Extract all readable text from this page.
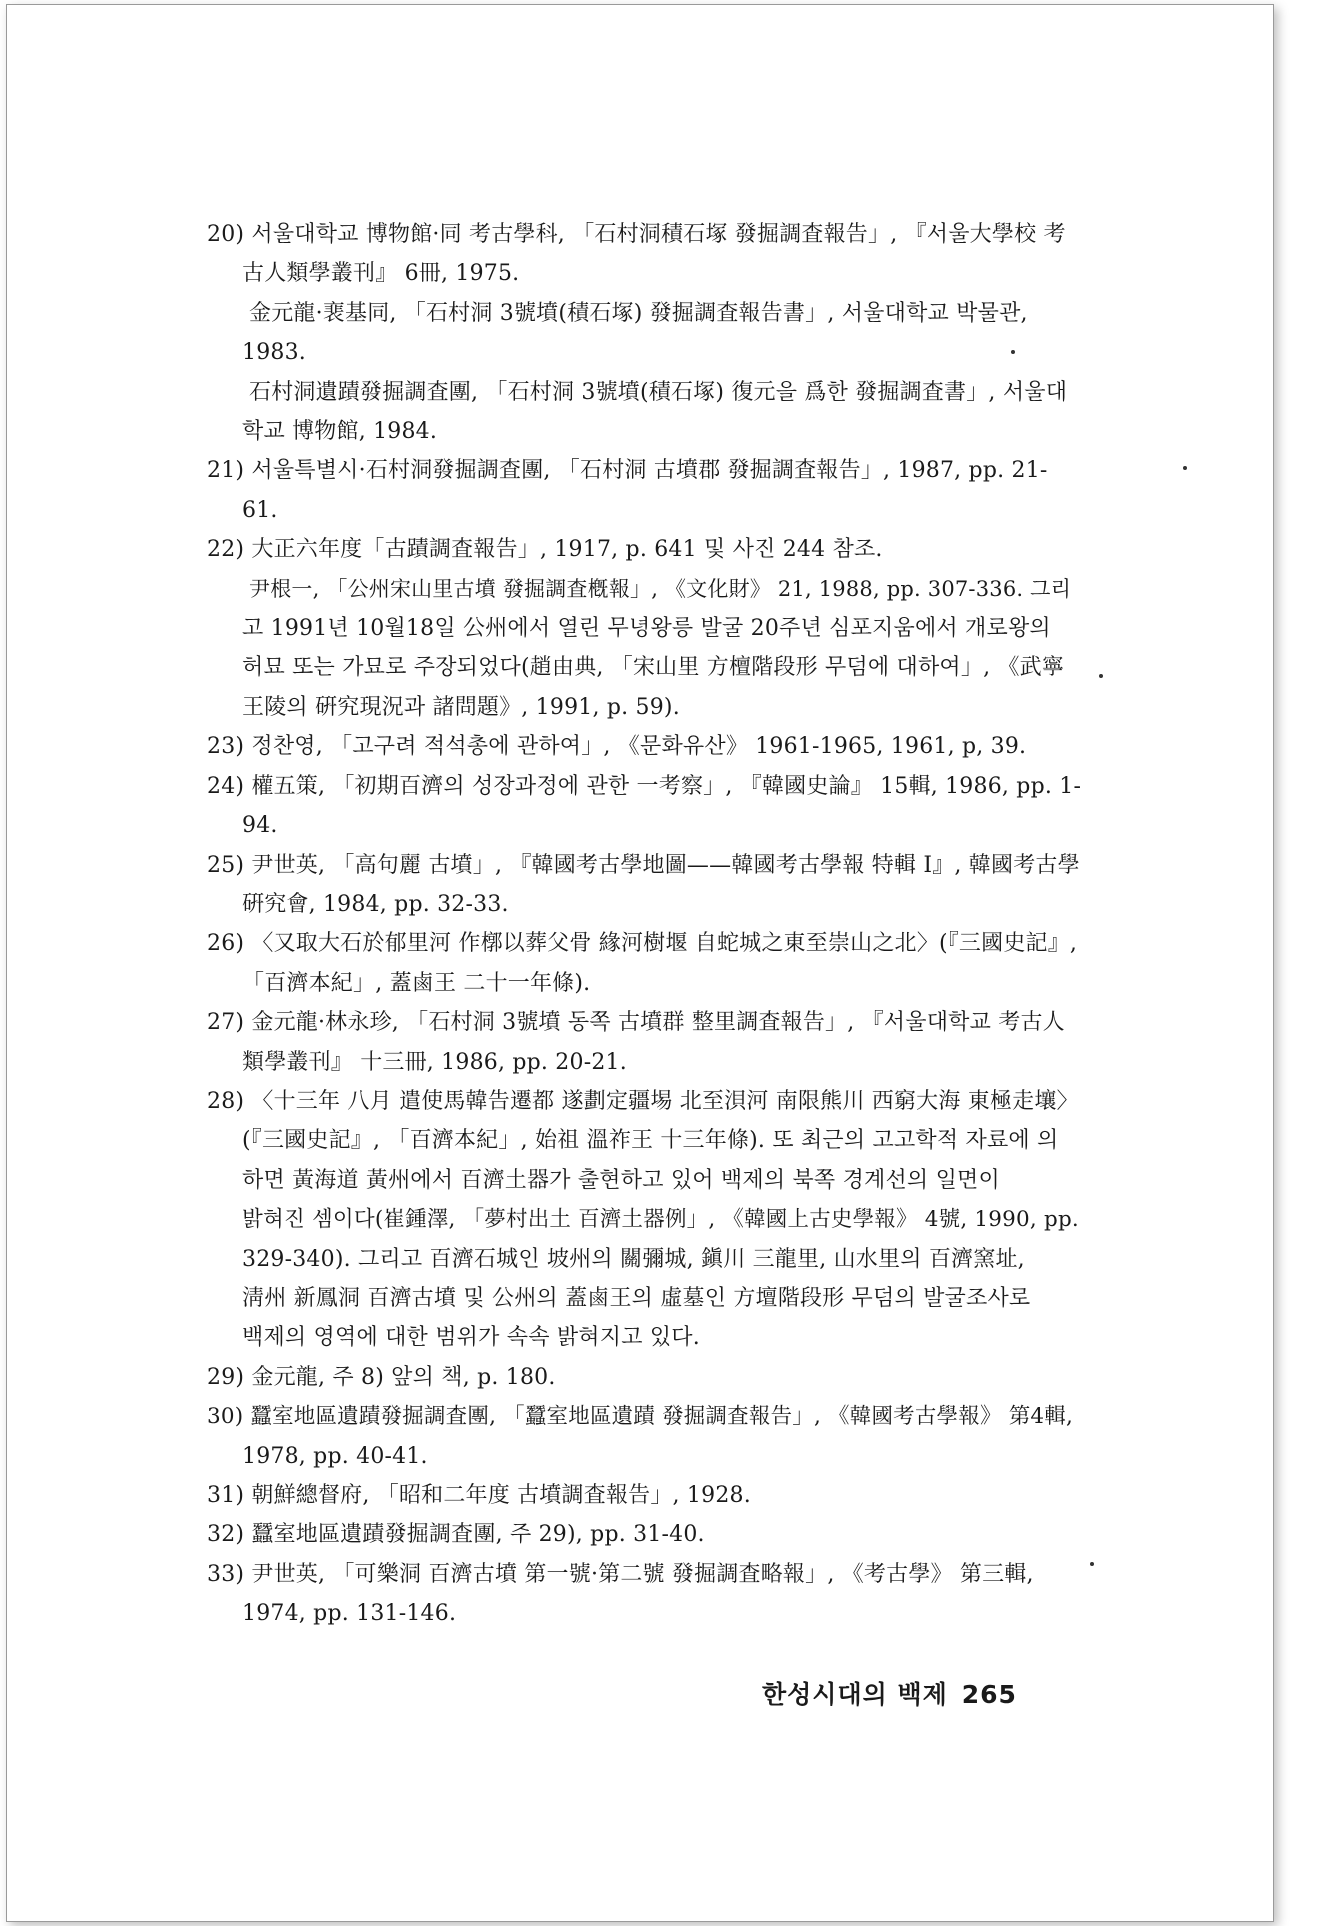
20) 서울대학교 博物館·同 考古學科, 「石村洞積石塚 發掘調査報告」, 『서울大學校 考
古人類學叢刊』 6冊, 1975.
金元龍·裵基同, 「石村洞 3號墳(積石塚) 發掘調査報告書」, 서울대학교 박물관,
1983.
石村洞遺蹟發掘調査團, 「石村洞 3號墳(積石塚) 復元을 爲한 發掘調査書」, 서울대
학교 博物館, 1984.
21) 서울특별시·石村洞發掘調査團, 「石村洞 古墳郡 發掘調査報告」, 1987, pp. 21-
61.
22) 大正六年度「古蹟調査報告」, 1917, p. 641 및 사진 244 참조.
尹根一, 「公州宋山里古墳 發掘調査槪報」, 《文化財》 21, 1988, pp. 307-336. 그리
고 1991년 10월18일 公州에서 열린 무녕왕릉 발굴 20주년 심포지움에서 개로왕의
허묘 또는 가묘로 주장되었다(趙由典, 「宋山里 方檀階段形 무덤에 대하여」, 《武寧
王陵의 硏究現況과 諸問題》, 1991, p. 59).
23) 정찬영, 「고구려 적석총에 관하여」, 《문화유산》 1961-1965, 1961, p, 39.
24) 權五策, 「初期百濟의 성장과정에 관한 一考察」, 『韓國史論』 15輯, 1986, pp. 1-
94.
25) 尹世英, 「高句麗 古墳」, 『韓國考古學地圖——韓國考古學報 特輯 Ⅰ』, 韓國考古學
硏究會, 1984, pp. 32-33.
26) 〈又取大石於郁里河 作槨以葬父骨 緣河樹堰 自蛇城之東至崇山之北〉(『三國史記』,
「百濟本紀」, 蓋鹵王 二十一年條).
27) 金元龍·林永珍, 「石村洞 3號墳 동쪽 古墳群 整里調査報告」, 『서울대학교 考古人
類學叢刊』 十三冊, 1986, pp. 20-21.
28) 〈十三年 八月 遣使馬韓告遷都 遂劃定疆埸 北至浿河 南限熊川 西窮大海 東極走壤〉
(『三國史記』, 「百濟本紀」, 始祖 溫祚王 十三年條). 또 최근의 고고학적 자료에 의
하면 黃海道 黃州에서 百濟土器가 출현하고 있어 백제의 북쪽 경계선의 일면이
밝혀진 셈이다(崔鍾澤, 「夢村出土 百濟土器例」, 《韓國上古史學報》 4號, 1990, pp.
329-340). 그리고 百濟石城인 坡州의 關彌城, 鎭川 三龍里, 山水里의 百濟窯址,
淸州 新鳳洞 百濟古墳 및 公州의 蓋鹵王의 虛墓인 方壇階段形 무덤의 발굴조사로
백제의 영역에 대한 범위가 속속 밝혀지고 있다.
29) 金元龍, 주 8) 앞의 책, p. 180.
30) 蠶室地區遺蹟發掘調査團, 「蠶室地區遺蹟 發掘調査報告」, 《韓國考古學報》 第4輯,
1978, pp. 40-41.
31) 朝鮮總督府, 「昭和二年度 古墳調査報告」, 1928.
32) 蠶室地區遺蹟發掘調査團, 주 29), pp. 31-40.
33) 尹世英, 「可樂洞 百濟古墳 第一號·第二號 發掘調査略報」, 《考古學》 第三輯,
1974, pp. 131-146.
한성시대의 백제 265
